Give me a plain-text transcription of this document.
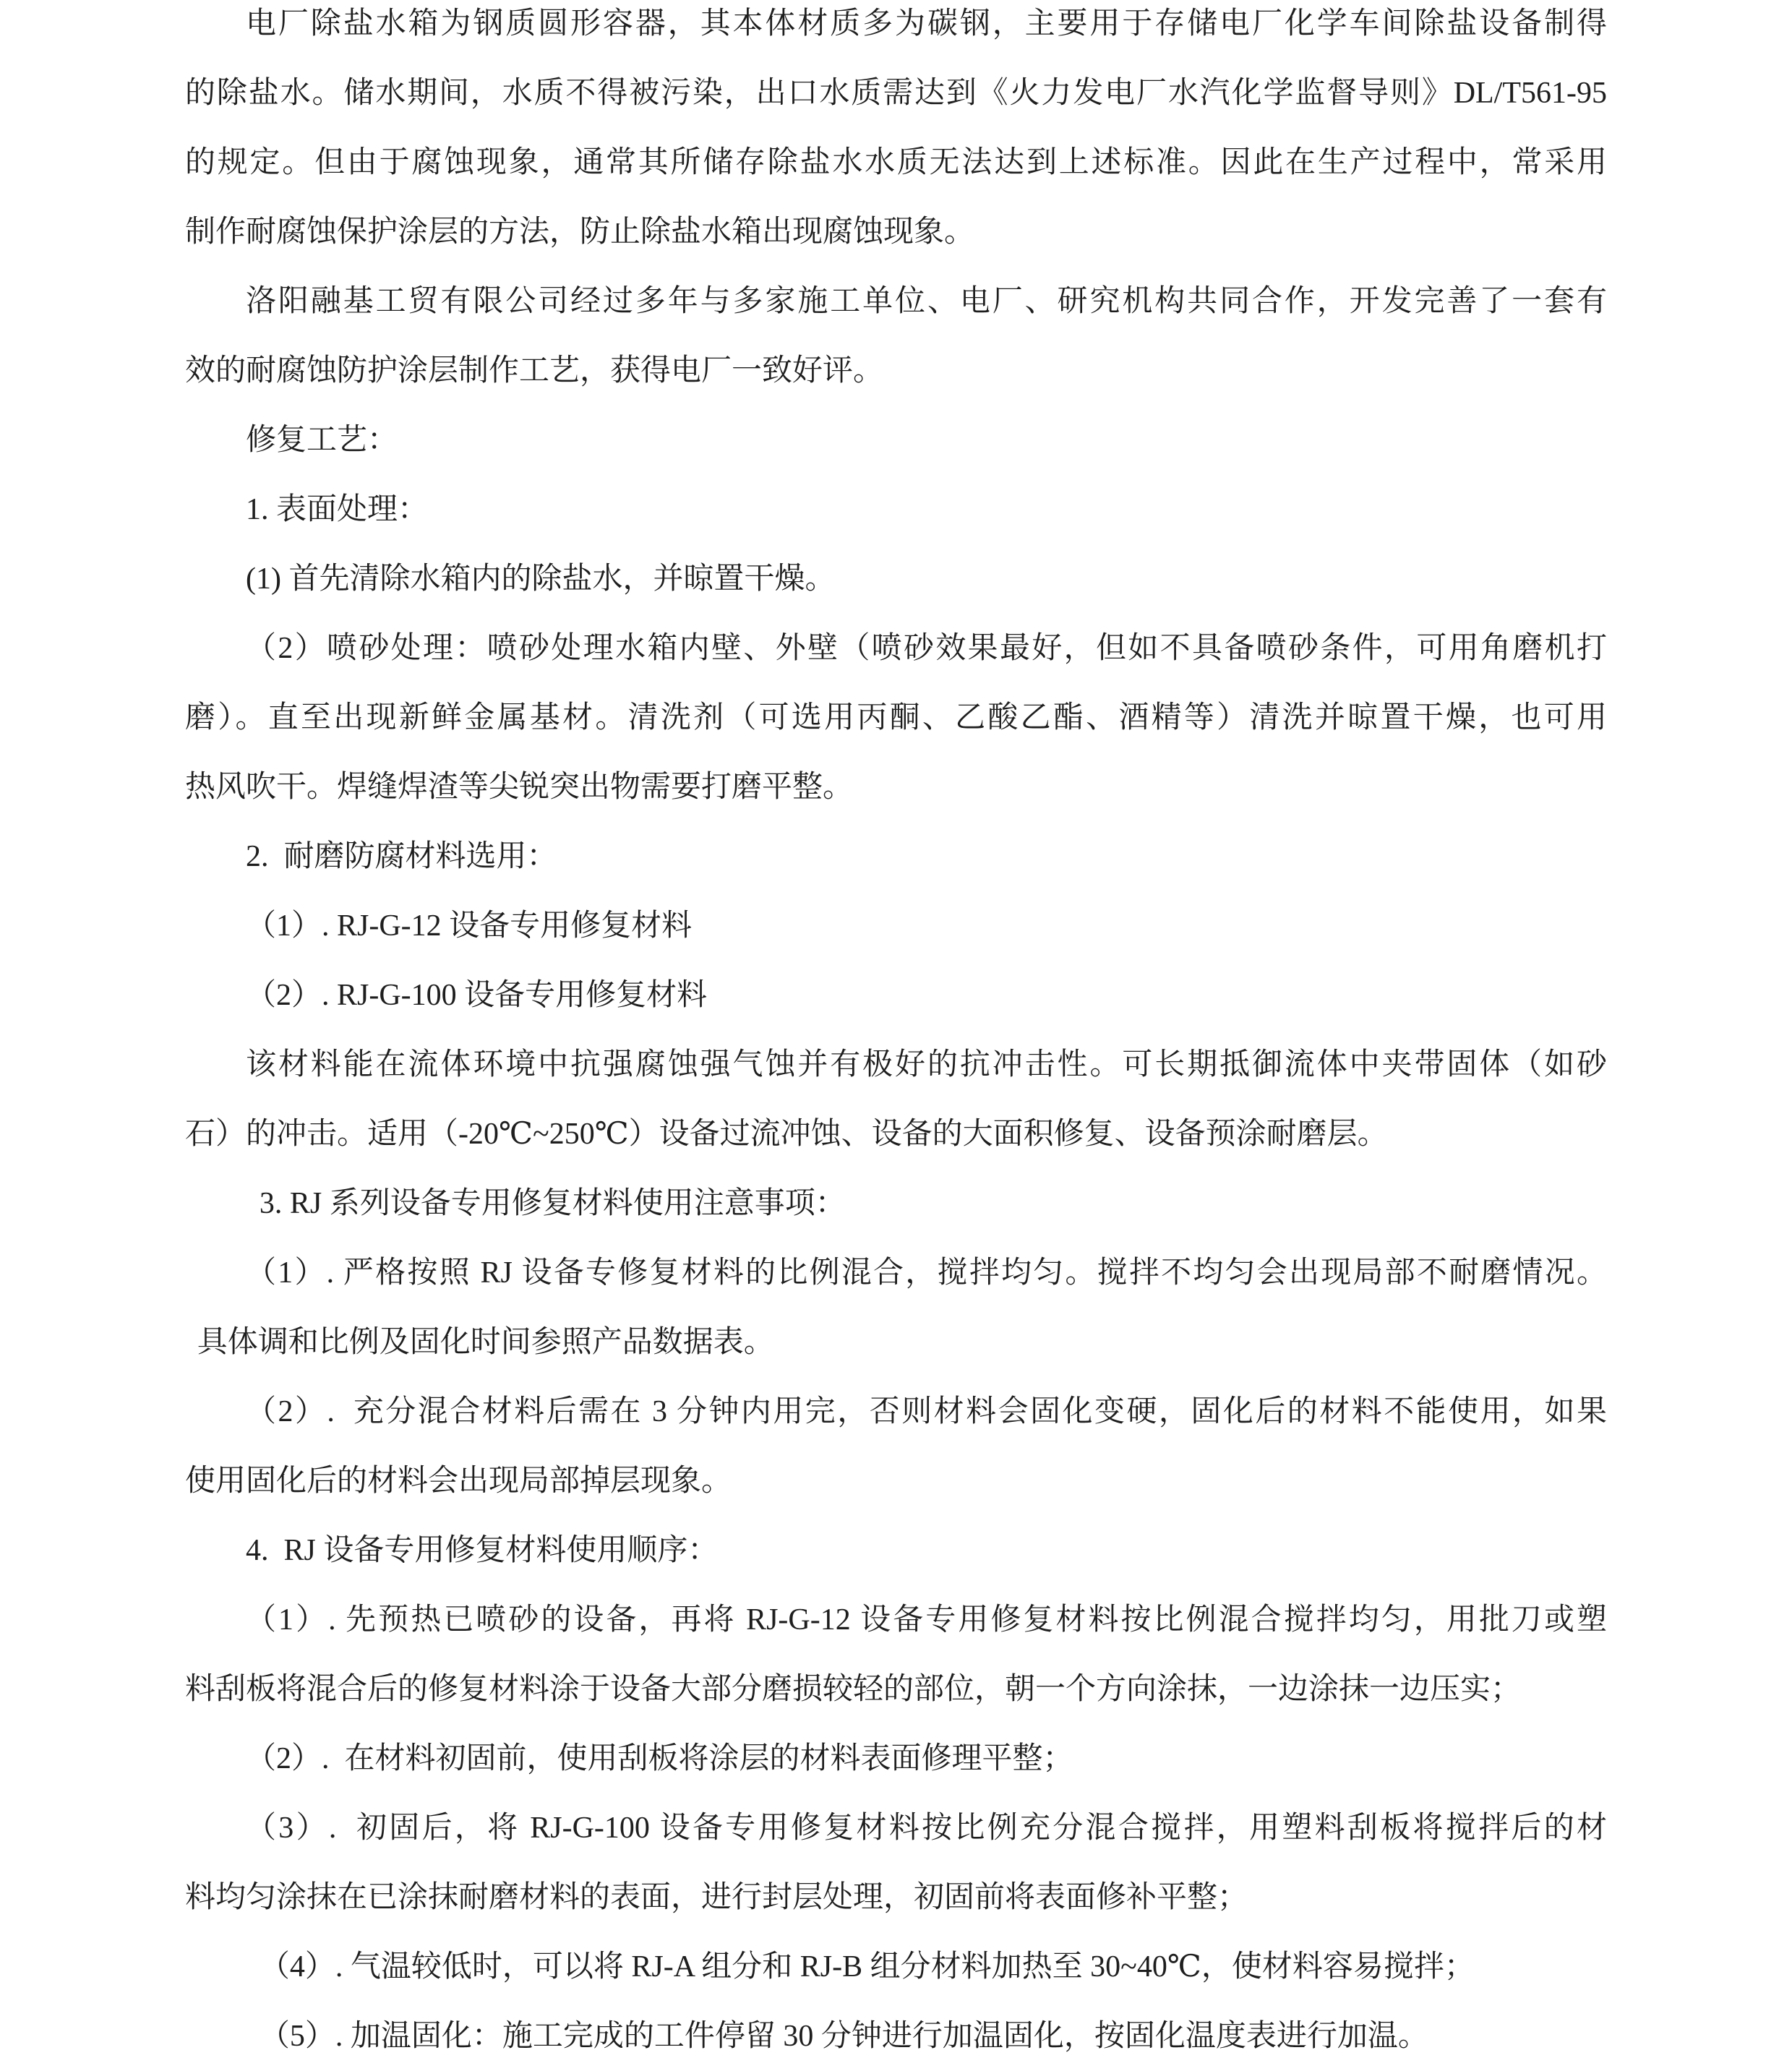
电厂除盐水箱为钢质圆形容器，其本体材质多为碳钢，主要用于存储电厂化学车间除盐设备制得
的除盐水。储水期间，水质不得被污染，出口水质需达到《火力发电厂水汽化学监督导则》DL/T561-95
的规定。但由于腐蚀现象，通常其所储存除盐水水质无法达到上述标准。因此在生产过程中，常采用
制作耐腐蚀保护涂层的方法，防止除盐水箱出现腐蚀现象。
洛阳融基工贸有限公司经过多年与多家施工单位、电厂、研究机构共同合作，开发完善了一套有
效的耐腐蚀防护涂层制作工艺，获得电厂一致好评。
修复工艺：
1. 表面处理：
(1) 首先清除水箱内的除盐水，并晾置干燥。
（2）喷砂处理：喷砂处理水箱内壁、外壁（喷砂效果最好，但如不具备喷砂条件，可用角磨机打
磨）。直至出现新鲜金属基材。清洗剂（可选用丙酮、乙酸乙酯、酒精等）清洗并晾置干燥，也可用
热风吹干。焊缝焊渣等尖锐突出物需要打磨平整。
2.  耐磨防腐材料选用：
（1）. RJ-G-12 设备专用修复材料
（2）. RJ-G-100 设备专用修复材料
该材料能在流体环境中抗强腐蚀强气蚀并有极好的抗冲击性。可长期抵御流体中夹带固体（如砂
石）的冲击。适用（-20℃~250℃）设备过流冲蚀、设备的大面积修复、设备预涂耐磨层。
3. RJ 系列设备专用修复材料使用注意事项：
（1）. 严格按照 RJ 设备专修复材料的比例混合，搅拌均匀。搅拌不均匀会出现局部不耐磨情况。
具体调和比例及固化时间参照产品数据表。
（2）.  充分混合材料后需在 3 分钟内用完，否则材料会固化变硬，固化后的材料不能使用，如果
使用固化后的材料会出现局部掉层现象。
4.  RJ 设备专用修复材料使用顺序：
（1）. 先预热已喷砂的设备，再将 RJ-G-12 设备专用修复材料按比例混合搅拌均匀，用批刀或塑
料刮板将混合后的修复材料涂于设备大部分磨损较轻的部位，朝一个方向涂抹，一边涂抹一边压实；
（2）.  在材料初固前，使用刮板将涂层的材料表面修理平整；
（3）.  初固后，将 RJ-G-100 设备专用修复材料按比例充分混合搅拌，用塑料刮板将搅拌后的材
料均匀涂抹在已涂抹耐磨材料的表面，进行封层处理，初固前将表面修补平整；
（4）. 气温较低时，可以将 RJ-A 组分和 RJ-B 组分材料加热至 30~40℃，使材料容易搅拌；
（5）. 加温固化：施工完成的工件停留 30 分钟进行加温固化，按固化温度表进行加温。
